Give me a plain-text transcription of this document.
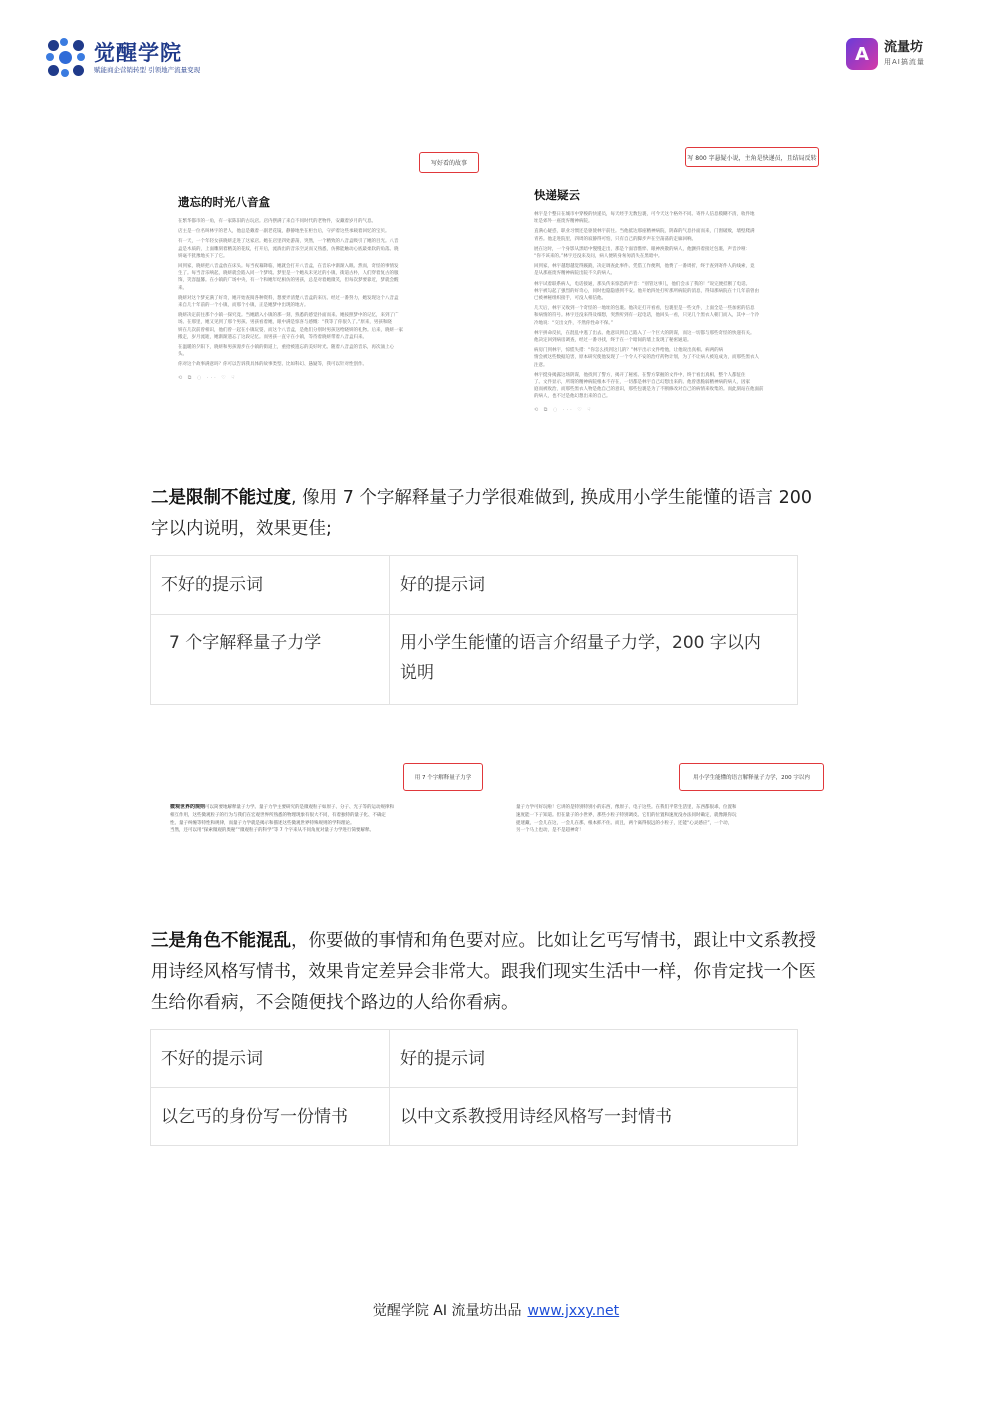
觉醒学院
赋能商企营销转型 引领地产流量变现
A	流量坊
用AI搞流量
写好看的故事
写 800 字悬疑小说，主角是快递员，且结局反转
遗忘的时光八音盒
在繁华都市的一角，有一家陈旧的古玩店。店内摆满了来自不同时代的老物件，安藏着岁月的气息。
店主是一位名叫林宇的老人，他总是戴着一副老花镜，静静地坐在柜台后，守护着这些承载着回忆的宝贝。
有一天，一个年轻女孩晓妍走进了这家店。她在店里四处游荡，突然，一个精致的八音盒吸引了她的目光。八音
盒是木质的，上面雕刻着精美的花纹，打开后，流淌出的音乐空灵而又熟悉，仿佛能触动心底最柔软的角落。晓
妍毫不犹豫地买下了它。
回到家，晓妍把八音盒放在床头。每当夜幕降临，她就会打开八音盒，在音乐中渐渐入眠。然而，奇怪的事情发
生了。每当音乐响起，晓妍就会陷入同一个梦境。梦里是一个她从未见过的小镇，街道古朴，人们穿着复古的服
饰，笑容温馨。在小镇的广场中央，有一个和她年纪相仿的男孩，总是对着她微笑，但每次梦要靠近，梦就会醒
来。
晓妍对这个梦充满了好奇，她开始查阅各种资料，想要弄清楚八音盒的来历。经过一番努力，她发现这个八音盒
来自几十年前的一个小镇，而那个小镇，正是她梦中出现的地方。
晓妍决定前往那个小镇一探究竟。当她踏入小镇的那一刻，熟悉的感觉扑面而来。她按照梦中的记忆，来到了广
场。在那里，她又见到了那个男孩。男孩看着她，眼中满是惊喜与感慨：“我等了你很久了。”原来，男孩和晓
妍在几次前曾相识，他们曾一起在小镇玩耍，而这个八音盒，是他们分别时男孩送给晓妍的礼物。后来，晓妍一家
搬走，岁月流逝，她渐渐遗忘了这段记忆。而男孩一直守在小镇，等待着晓妍带着八音盒归来。
在温暖的夕阳下，晓妍和男孩漫步在小镇的街道上，重拾被遗忘的美好时光。随着八音盒的音乐，再次涌上心
头。
你对这个故事满意吗？你可以告诉我具体的故事类型、比如科幻、悬疑等，我可以针对性创作。
⟲ ⧉ ◌ ··· ♡ ☟
快递疑云
林宇是个整日在城市中穿梭的快递员，每天经手无数包裹，可今天这个格外不同。寄件人信息模糊不清，收件地
址是郊外一座废弃精神病院。
直满心疑惑，职业习惯还是驱使林宇前往。当他抵达那座精神病院，阴森的气息扑面而来，门窗破败，墙壁爬满
青苔。他走进院里，四周的寂静得可怕，只有自己的脚步声在空荡荡的走廊回响。
展在这时，一个身影从黑暗中慢慢走出，那是个面容憔悴、眼神涣散的病人，他颤抖着接过包裹，声音沙哑：
“你不该来的。”林宇还没来及问，病人便转身匆匆消失在黑暗中。
回到家，林宇越想越觉得蹊跷，决定调查此事件。凭借工作便利，他费了一番周折，终于查到寄件人的线索，竟
是从那座废弃精神病院出院不久的病人。
林宇试着联系病人，电话接通，那头传来惊恐的声音：“别管这事儿，他们会杀了我的！”说完便挂断了电话。
林宇被勾起了强烈的好奇心，同时也隐隐感到不安。他开始四处打听那所病院的消息，得知那病院在十几年前曾由
已被神秘组织接手，可没人相信他。
几天后，林宇又收到一个奇怪的一地址的包裹。他决定打开看看，包裹里是一些文件，上面全是一些加密的信息
和病情的符号。林宇还没来得及细想，突然听到有一起电话，他回头一看，只见几个黑衣人朝门而入，其中一个冷
冷地说：“交出文件，不然你性命不保。”
林宇拼命反抗，在混乱中逃了出去。他意识到自己陷入了一个巨大的阴谋，而这一切都与那些奇怪的快递有关。
他决定回到病房调查，经过一番寻找，终于在一个暗间的墙上发现了秘密通道。
病房门到林宇，惊慌失措：“你怎么找到这儿的？”林宇出示文件给他，让他说出真相。病两的病
情会被这些数据迫害，原本研究使他发现了一个令人不安的治疗药物计划，为了不让病人被迫成为，而那些黑衣人
注意。
林宇挺身揭露这场阴谋，他找到了警方，揭开了秘密。在警方掌握的文件中，终于看出真相，整个人都怔住
了。文件显示，所谓的精神病院根本不存在，一切都是林宇自己幻想出来的。他曾患脆弱精神病的病人，因家
庭而被收治，而那些黑衣人物是他自己的意识，那些包裹是为了不断修改对自己的病情来收集的。而此刻站在他面前
的病人，也不过是他幻想出来的自己。
⟲ ⧉ ◌ ··· ♡ ☟
二是限制不能过度, 像用 7 个字解释量子力学很难做到, 换成用小学生能懂的语言 200
字以内说明，效果更佳;
不好的提示词	好的提示词
7 个字解释量子力学	用小学生能懂的语言介绍量子力学，200 字以内
说明
用 7 个字解释量子力学	用小学生能懂的语言解释量子力学，200 字以内
微观世界的规则可以简要地解释量子力学。量子力学主要研究的是微观粒子如原子、分子、光子等的运动规律和
相互作用，这些微观粒子的行为与我们在宏观世界所熟悉的物理现象有很大不同，有着独特的量子化、不确定
性、量子纠缠等特性和规律，而量子力学就是揭示和描述这些微观世界特殊规则的学科理论。
当然，还可以用“探索微观的奥秘”“微观粒子的科学”等 7 个字来从不同角度对量子力学进行简要解释。
量子力学可好玩啦！它讲的是特别特别小的东西，像原子、电子这些。在我们平常生活里，东西都很乖，位置和
速度能一下子知道。但在量子的小世界，那些小粒子特别调皮。它们的位置和速度没办法同时确定，就像跟你玩
捉迷藏，一会儿在这，一会儿在那，根本抓不住。而且，两个离得很远的小粒子，还能“心灵感应”，一个动，
另一个马上也动，是不是超神奇！
三是角色不能混乱，你要做的事情和角色要对应。比如让乞丐写情书，跟让中文系教授
用诗经风格写情书，效果肯定差异会非常大。跟我们现实生活中一样，你肯定找一个医
生给你看病，不会随便找个路边的人给你看病。
不好的提示词	好的提示词
以乞丐的身份写一份情书	以中文系教授用诗经风格写一封情书
觉醒学院 AI 流量坊出品 www.jxxy.net
